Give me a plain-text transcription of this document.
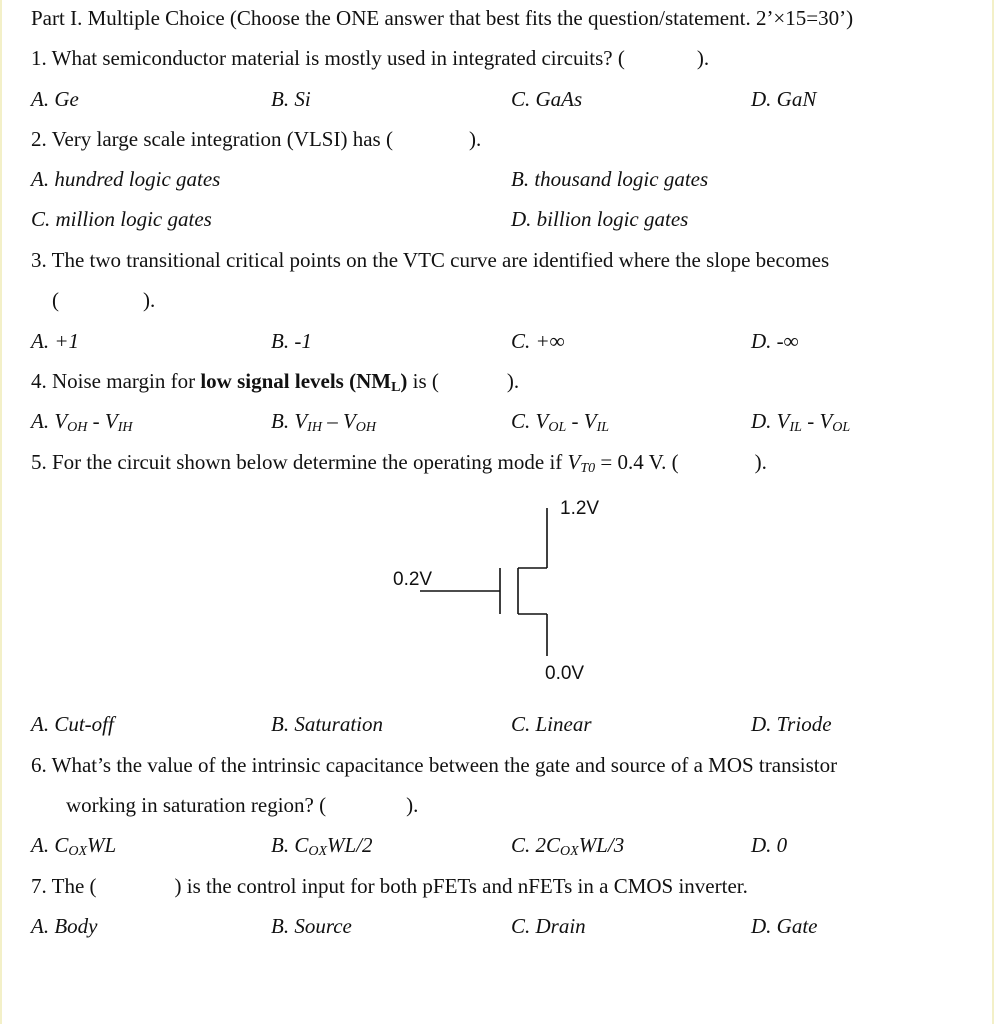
Part I. Multiple Choice (Choose the ONE answer that best fits the question/statement. 2’×15=30’)
1. What semiconductor material is mostly used in integrated circuits? (	).
A. Ge	B. Si	C. GaAs	D. GaN
2. Very large scale integration (VLSI) has (	).
A. hundred logic gates	B. thousand logic gates
C. million logic gates	D. billion logic gates
3. The two transitional critical points on the VTC curve are identified where the slope becomes
(	).
A. +1	B. -1	C. +∞	D. -∞
4. Noise margin for low signal levels $(NM_L)$ is (	).
A. $V_{OH} - V_{IH}$	B. $V_{IH} - V_{OH}$	C. $V_{OL} - V_{IL}$	D. $V_{IL} - V_{OL}$
5. For the circuit shown below determine the operating mode if $V_{T0} = 0.4$ V. (	).
1.2V
0.2V
0.0V
A. Cut-off	B. Saturation	C. Linear	D. Triode
6. What’s the value of the intrinsic capacitance between the gate and source of a MOS transistor
working in saturation region? (	).
A. $C_{OX}WL$	B. $C_{OX}WL/2$	C. $2C_{OX}WL/3$	D. 0
7. The (	) is the control input for both pFETs and nFETs in a CMOS inverter.
A. Body	B. Source	C. Drain	D. Gate
